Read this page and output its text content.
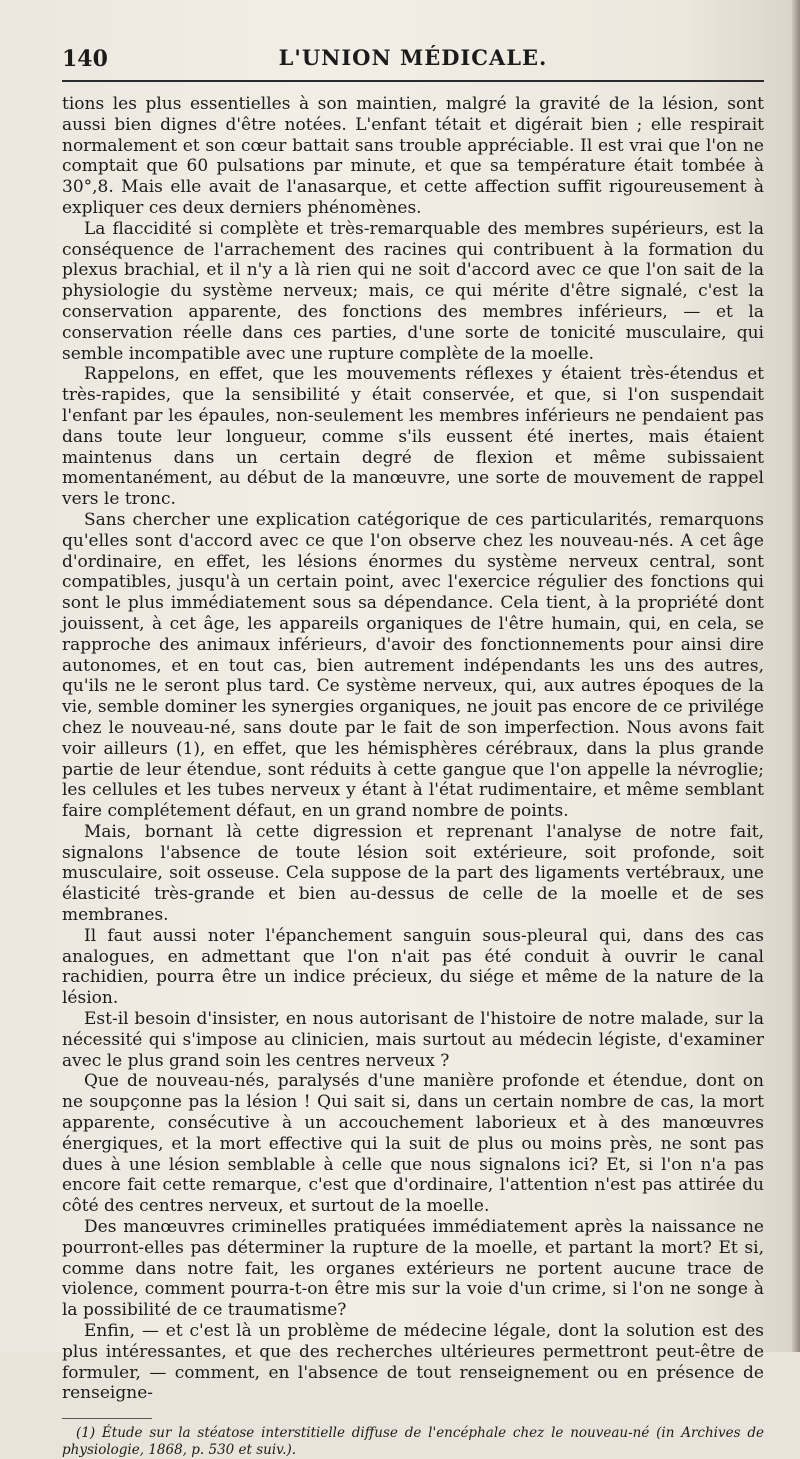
140	L'UNION MÉDICALE.

tions les plus essentielles à son maintien, malgré la gravité de la lésion, sont aussi bien dignes d'être notées. L'enfant tétait et digérait bien ; elle respirait normalement et son cœur battait sans trouble appréciable. Il est vrai que l'on ne comptait que 60 pulsations par minute, et que sa température était tombée à 30°,8. Mais elle avait de l'anasarque, et cette affection suffit rigoureusement à expliquer ces deux derniers phénomènes.

La flaccidité si complète et très-remarquable des membres supérieurs, est la conséquence de l'arrachement des racines qui contribuent à la formation du plexus brachial, et il n'y a là rien qui ne soit d'accord avec ce que l'on sait de la physiologie du système nerveux; mais, ce qui mérite d'être signalé, c'est la conservation apparente, des fonctions des membres inférieurs, — et la conservation réelle dans ces parties, d'une sorte de tonicité musculaire, qui semble incompatible avec une rupture complète de la moelle.

Rappelons, en effet, que les mouvements réflexes y étaient très-étendus et très-rapides, que la sensibilité y était conservée, et que, si l'on suspendait l'enfant par les épaules, non-seulement les membres inférieurs ne pendaient pas dans toute leur longueur, comme s'ils eussent été inertes, mais étaient maintenus dans un certain degré de flexion et même subissaient momentanément, au début de la manœuvre, une sorte de mouvement de rappel vers le tronc.

Sans chercher une explication catégorique de ces particularités, remarquons qu'elles sont d'accord avec ce que l'on observe chez les nouveau-nés. A cet âge d'ordinaire, en effet, les lésions énormes du système nerveux central, sont compatibles, jusqu'à un certain point, avec l'exercice régulier des fonctions qui sont le plus immédiatement sous sa dépendance. Cela tient, à la propriété dont jouissent, à cet âge, les appareils organiques de l'être humain, qui, en cela, se rapproche des animaux inférieurs, d'avoir des fonctionnements pour ainsi dire autonomes, et en tout cas, bien autrement indépendants les uns des autres, qu'ils ne le seront plus tard. Ce système nerveux, qui, aux autres époques de la vie, semble dominer les synergies organiques, ne jouit pas encore de ce privilége chez le nouveau-né, sans doute par le fait de son imperfection. Nous avons fait voir ailleurs (1), en effet, que les hémisphères cérébraux, dans la plus grande partie de leur étendue, sont réduits à cette gangue que l'on appelle la névroglie; les cellules et les tubes nerveux y étant à l'état rudimentaire, et même semblant faire complétement défaut, en un grand nombre de points.

Mais, bornant là cette digression et reprenant l'analyse de notre fait, signalons l'absence de toute lésion soit extérieure, soit profonde, soit musculaire, soit osseuse. Cela suppose de la part des ligaments vertébraux, une élasticité très-grande et bien au-dessus de celle de la moelle et de ses membranes.

Il faut aussi noter l'épanchement sanguin sous-pleural qui, dans des cas analogues, en admettant que l'on n'ait pas été conduit à ouvrir le canal rachidien, pourra être un indice précieux, du siége et même de la nature de la lésion.

Est-il besoin d'insister, en nous autorisant de l'histoire de notre malade, sur la nécessité qui s'impose au clinicien, mais surtout au médecin légiste, d'examiner avec le plus grand soin les centres nerveux ?

Que de nouveau-nés, paralysés d'une manière profonde et étendue, dont on ne soupçonne pas la lésion ! Qui sait si, dans un certain nombre de cas, la mort apparente, consécutive à un accouchement laborieux et à des manœuvres énergiques, et la mort effective qui la suit de plus ou moins près, ne sont pas dues à une lésion semblable à celle que nous signalons ici? Et, si l'on n'a pas encore fait cette remarque, c'est que d'ordinaire, l'attention n'est pas attirée du côté des centres nerveux, et surtout de la moelle.

Des manœuvres criminelles pratiquées immédiatement après la naissance ne pourront-elles pas déterminer la rupture de la moelle, et partant la mort? Et si, comme dans notre fait, les organes extérieurs ne portent aucune trace de violence, comment pourra-t-on être mis sur la voie d'un crime, si l'on ne songe à la possibilité de ce traumatisme?

Enfin, — et c'est là un problème de médecine légale, dont la solution est des plus intéressantes, et que des recherches ultérieures permettront peut-être de formuler, — comment, en l'absence de tout renseignement ou en présence de renseigne-

(1) Étude sur la stéatose interstitielle diffuse de l'encéphale chez le nouveau-né (in Archives de physiologie, 1868, p. 530 et suiv.).
